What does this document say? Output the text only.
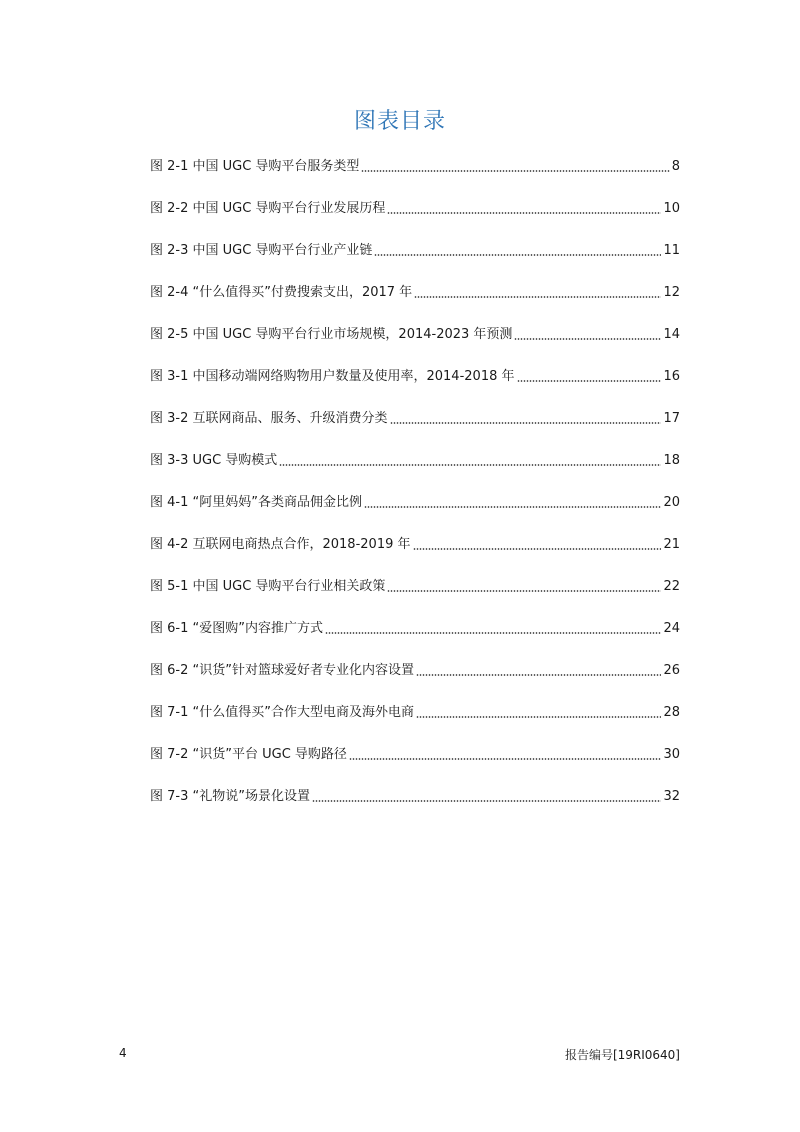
图表目录
图 2-1 中国 UGC 导购平台服务类型	8
图 2-2 中国 UGC 导购平台行业发展历程	10
图 2-3 中国 UGC 导购平台行业产业链	11
图 2-4 “什么值得买”付费搜索支出，2017 年	12
图 2-5 中国 UGC 导购平台行业市场规模，2014-2023 年预测	14
图 3-1 中国移动端网络购物用户数量及使用率，2014-2018 年	16
图 3-2 互联网商品、服务、升级消费分类	17
图 3-3 UGC 导购模式	18
图 4-1 “阿里妈妈”各类商品佣金比例	20
图 4-2 互联网电商热点合作，2018-2019 年	21
图 5-1 中国 UGC 导购平台行业相关政策	22
图 6-1 “爱图购”内容推广方式	24
图 6-2 “识货”针对篮球爱好者专业化内容设置	26
图 7-1 “什么值得买”合作大型电商及海外电商	28
图 7-2 “识货”平台 UGC 导购路径	30
图 7-3 “礼物说”场景化设置	32
4	报告编号[19RI0640]
